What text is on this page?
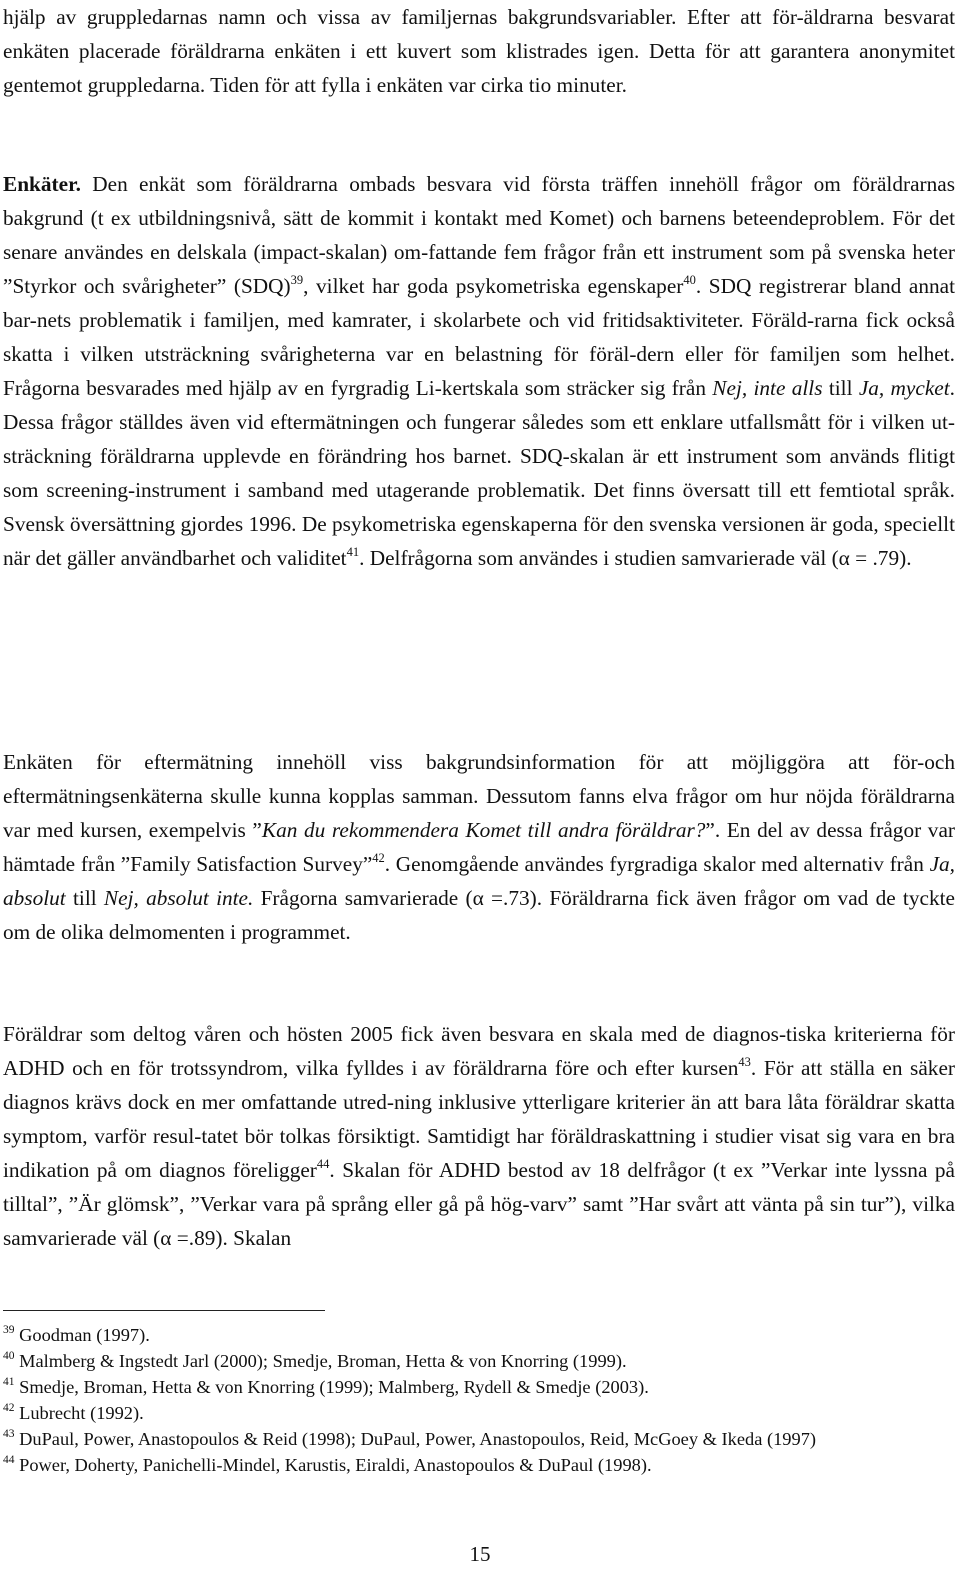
hjälp av gruppledarnas namn och vissa av familjernas bakgrundsvariabler. Efter att för-äldrarna besvarat enkäten placerade föräldrarna enkäten i ett kuvert som klistrades igen. Detta för att garantera anonymitet gentemot gruppledarna. Tiden för att fylla i enkäten var cirka tio minuter.

Enkäter. Den enkät som föräldrarna ombads besvara vid första träffen innehöll frågor om föräldrarnas bakgrund (t ex utbildningsnivå, sätt de kommit i kontakt med Komet) och barnens beteendeproblem. För det senare användes en delskala (impact-skalan) om-fattande fem frågor från ett instrument som på svenska heter ”Styrkor och svårigheter” (SDQ)$^{39}$, vilket har goda psykometriska egenskaper$^{40}$. SDQ registrerar bland annat bar-nets problematik i familjen, med kamrater, i skolarbete och vid fritidsaktiviteter. Föräld-rarna fick också skatta i vilken utsträckning svårigheterna var en belastning för föräl-dern eller för familjen som helhet. Frågorna besvarades med hjälp av en fyrgradig Li-kertskala som sträcker sig från Nej, inte alls till Ja, mycket. Dessa frågor ställdes även vid eftermätningen och fungerar således som ett enklare utfallsmått för i vilken ut-sträckning föräldrarna upplevde en förändring hos barnet. SDQ-skalan är ett instrument som används flitigt som screening-instrument i samband med utagerande problematik. Det finns översatt till ett femtiotal språk. Svensk översättning gjordes 1996. De psykometriska egenskaperna för den svenska versionen är goda, speciellt när det gäller användbarhet och validitet$^{41}$. Delfrågorna som användes i studien samvarierade väl (α = .79).

Enkäten för eftermätning innehöll viss bakgrundsinformation för att möjliggöra att för-och eftermätningsenkäterna skulle kunna kopplas samman. Dessutom fanns elva frågor om hur nöjda föräldrarna var med kursen, exempelvis ”Kan du rekommendera Komet till andra föräldrar?”. En del av dessa frågor var hämtade från ”Family Satisfaction Survey”$^{42}$. Genomgående användes fyrgradiga skalor med alternativ från Ja, absolut till Nej, absolut inte. Frågorna samvarierade (α =.73). Föräldrarna fick även frågor om vad de tyckte om de olika delmomenten i programmet.

Föräldrar som deltog våren och hösten 2005 fick även besvara en skala med de diagnos-tiska kriterierna för ADHD och en för trotssyndrom, vilka fylldes i av föräldrarna före och efter kursen$^{43}$. För att ställa en säker diagnos krävs dock en mer omfattande utred-ning inklusive ytterligare kriterier än att bara låta föräldrar skatta symptom, varför resul-tatet bör tolkas försiktigt. Samtidigt har föräldraskattning i studier visat sig vara en bra indikation på om diagnos föreligger$^{44}$. Skalan för ADHD bestod av 18 delfrågor (t ex ”Verkar inte lyssna på tilltal”, ”Är glömsk”, ”Verkar vara på språng eller gå på hög-varv” samt ”Har svårt att vänta på sin tur”), vilka samvarierade väl (α =.89). Skalan

$^{39}$ Goodman (1997).

$^{40}$ Malmberg & Ingstedt Jarl (2000); Smedje, Broman, Hetta & von Knorring (1999).

$^{41}$ Smedje, Broman, Hetta & von Knorring (1999); Malmberg, Rydell & Smedje (2003).

$^{42}$ Lubrecht (1992).

$^{43}$ DuPaul, Power, Anastopoulos & Reid (1998); DuPaul, Power, Anastopoulos, Reid, McGoey & Ikeda (1997)

$^{44}$ Power, Doherty, Panichelli-Mindel, Karustis, Eiraldi, Anastopoulos & DuPaul (1998).

15
